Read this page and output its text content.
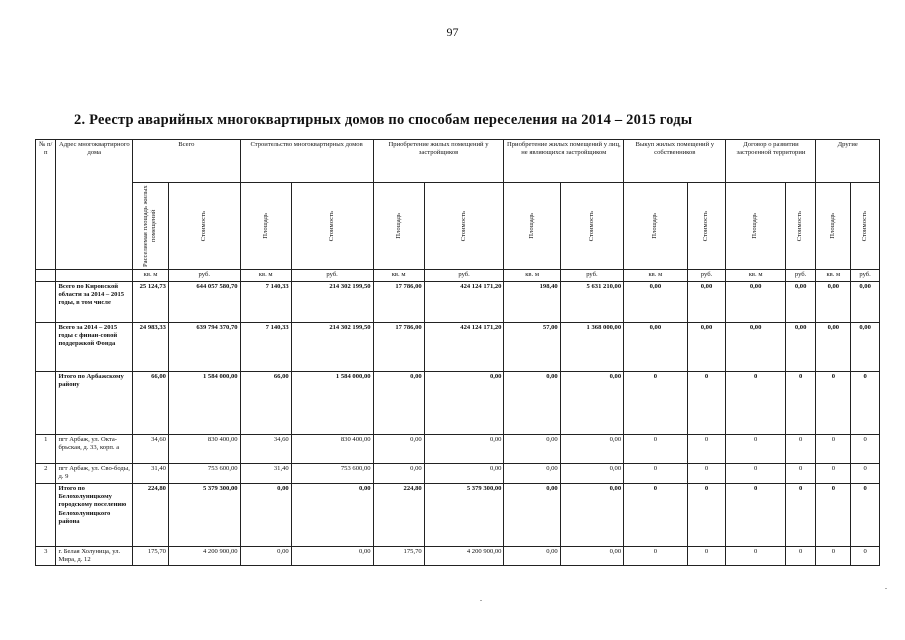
97
2. Реестр аварийных многоквартирных домов по способам переселения на 2014 – 2015 годы
№ п/п	Адрес многоквартирного дома	Всего		Строительство многоквартирных домов		Приобретение жилых помещений у застройщиков		Приобретение жилых помещений у лиц, не являющихся застройщиком		Выкуп жилых помещений у собственников		Договор о развитии застроенной территории		Другие	

		Расселяемая площадь жилых помещений	Стоимость	Площадь	Стоимость	Площадь	Стоимость	Площадь	Стоимость	Площадь	Стоимость	Площадь	Стоимость	Площадь	Стоимость

		кв. м	руб.	кв. м	руб.	кв. м	руб.	кв. м	руб.	кв. м	руб.	кв. м	руб.	кв. м	руб.
	Всего по Кировской области за 2014 – 2015 годы, в том числе	25 124,73	644 057 580,70	7 140,33	214 302 199,50	17 786,00	424 124 171,20	198,40	5 631 210,00	0,00	0,00	0,00	0,00	0,00	0,00
	Всего за 2014 – 2015 годы с финан-совой поддержкой Фонда	24 983,33	639 794 370,70	7 140,33	214 302 199,50	17 786,00	424 124 171,20	57,00	1 368 000,00	0,00	0,00	0,00	0,00	0,00	0,00
	Итого по Арбажскому району	66,00	1 584 000,00	66,00	1 584 000,00	0,00	0,00	0,00	0,00	0	0	0	0	0	0
1	пгт Арбаж, ул. Окта-брьская, д. 33, корп. а	34,60	830 400,00	34,60	830 400,00	0,00	0,00	0,00	0,00	0	0	0	0	0	0
2	пгт Арбаж, ул. Сво-боды, д. 9	31,40	753 600,00	31,40	753 600,00	0,00	0,00	0,00	0,00	0	0	0	0	0	0
	Итого по Белохолуницкому городскому поселению Белохолуницкого района	224,80	5 379 300,00	0,00	0,00	224,80	5 379 300,00	0,00	0,00	0	0	0	0	0	0
3	г. Белая Холуница, ул. Мира, д. 12	175,70	4 200 900,00	0,00	0,00	175,70	4 200 900,00	0,00	0,00	0	0	0	0	0	0
